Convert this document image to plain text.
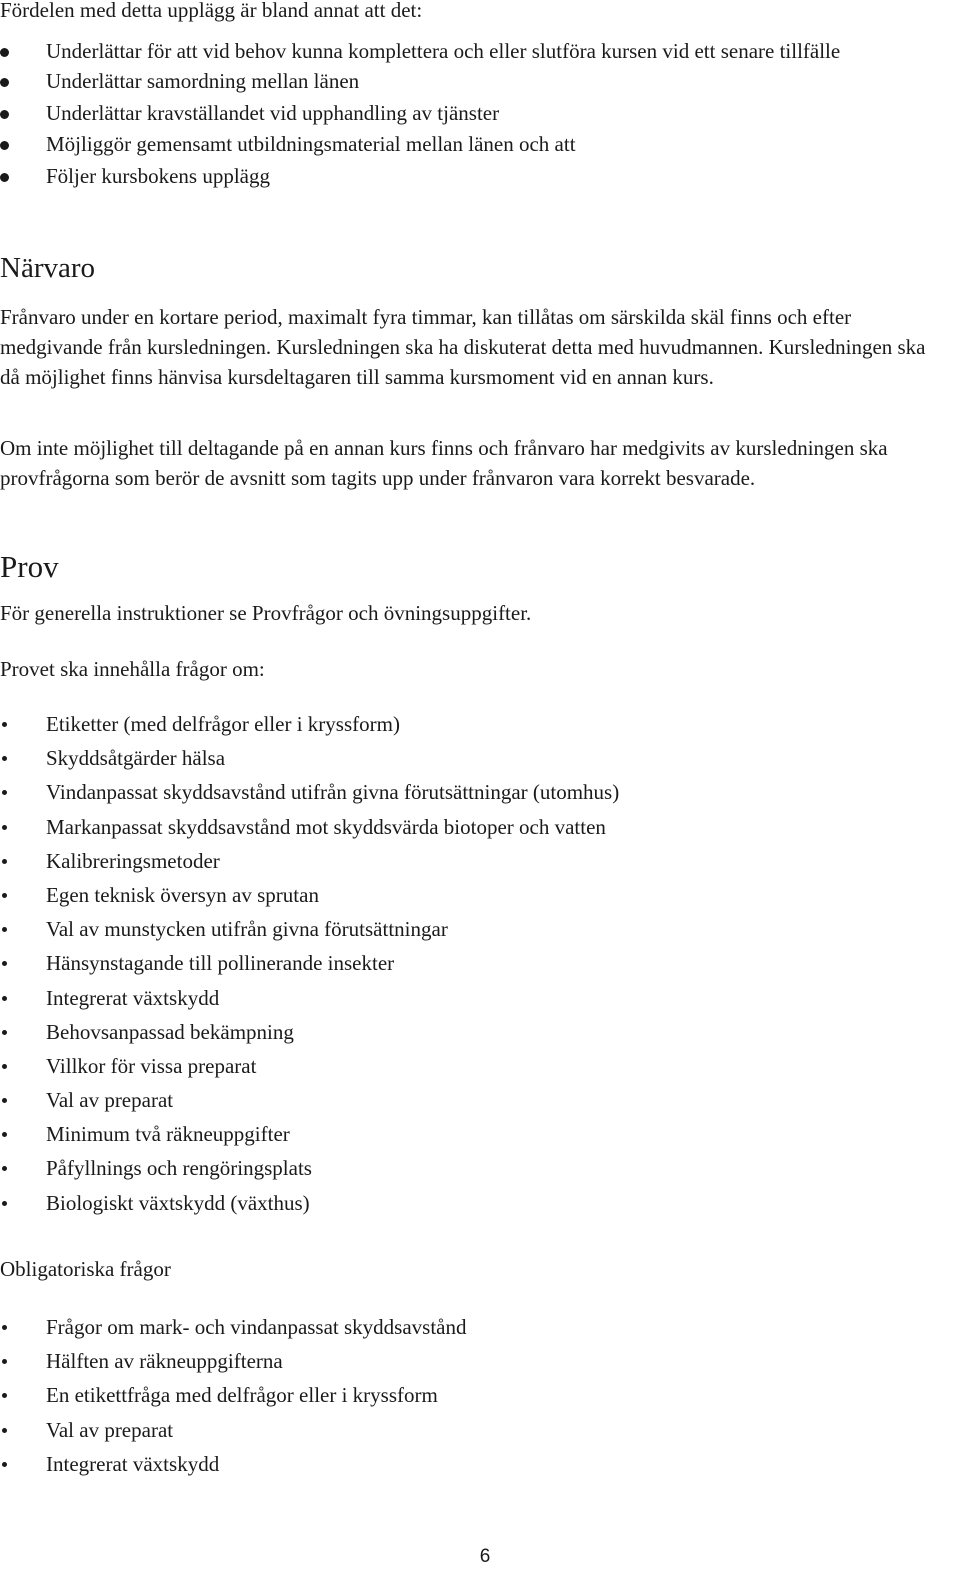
Fördelen med detta upplägg är bland annat att det:

Underlättar för att vid behov kunna komplettera och eller slutföra kursen vid ett senare tillfälle
Underlättar samordning mellan länen
Underlättar kravställandet vid upphandling av tjänster
Möjliggör gemensamt utbildningsmaterial mellan länen och att
Följer kursbokens upplägg
Närvaro

Frånvaro under en kortare period, maximalt fyra timmar, kan tillåtas om särskilda skäl finns och efter medgivande från kursledningen. Kursledningen ska ha diskuterat detta med huvudmannen. Kursledningen ska då möjlighet finns hänvisa kursdeltagaren till samma kursmoment vid en annan kurs.

Om inte möjlighet till deltagande på en annan kurs finns och frånvaro har medgivits av kursledningen ska provfrågorna som berör de avsnitt som tagits upp under frånvaron vara korrekt besvarade.

Prov

För generella instruktioner se Provfrågor och övningsuppgifter.

Provet ska innehålla frågor om:

Etiketter (med delfrågor eller i kryssform)
Skyddsåtgärder hälsa
Vindanpassat skyddsavstånd utifrån givna förutsättningar (utomhus)
Markanpassat skyddsavstånd mot skyddsvärda biotoper och vatten
Kalibreringsmetoder
Egen teknisk översyn av sprutan
Val av munstycken utifrån givna förutsättningar
Hänsynstagande till pollinerande insekter
Integrerat växtskydd
Behovsanpassad bekämpning
Villkor för vissa preparat
Val av preparat
Minimum två räkneuppgifter
Påfyllnings och rengöringsplats
Biologiskt växtskydd (växthus)

Obligatoriska frågor

Frågor om mark- och vindanpassat skyddsavstånd
Hälften av räkneuppgifterna
En etikettfråga med delfrågor eller i kryssform
Val av preparat
Integrerat växtskydd
6
